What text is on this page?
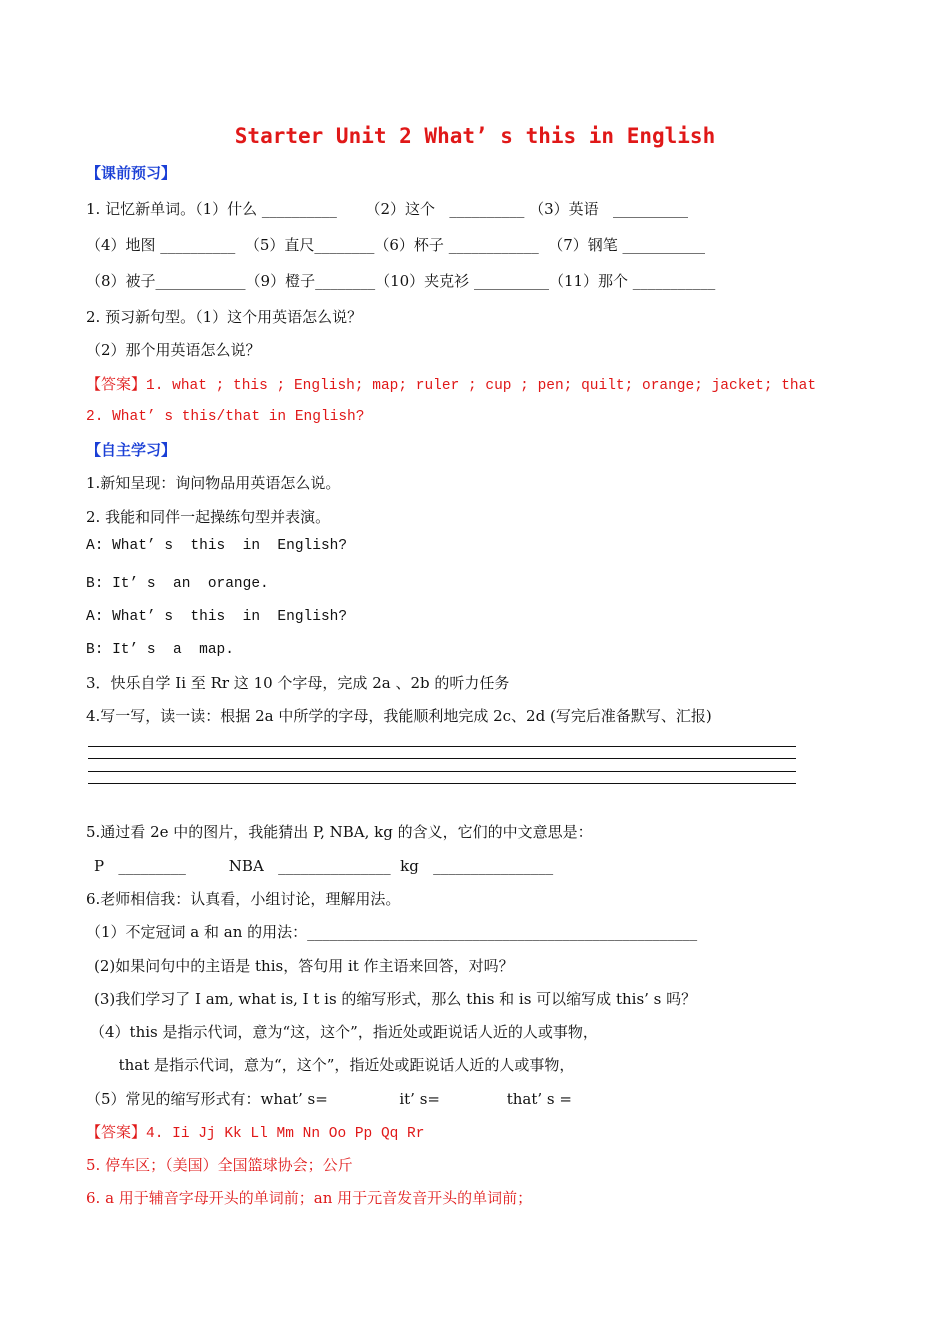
Starter Unit 2 What’ s this in English
【课前预习】
1. 记忆新单词。（1）什么 __________      （2）这个   __________ （3）英语   __________
（4）地图 __________  （5）直尺________（6）杯子 ____________  （7）钢笔 ___________
（8）被子____________（9）橙子________（10）夹克衫 __________（11）那个 ___________
2. 预习新句型。（1）这个用英语怎么说？
（2）那个用英语怎么说？
【答案】1. what ; this ; English; map; ruler ; cup ; pen; quilt; orange; jacket; that
2. What’ s this/that in English?
【自主学习】
1.新知呈现：询问物品用英语怎么说。
2. 我能和同伴一起操练句型并表演。
A: What’ s  this  in  English?
B: It’ s  an  orange.
A: What’ s  this  in  English?
B: It’ s  a  map.
3．快乐自学 Ii 至 Rr 这 10 个字母，完成 2a 、2b 的听力任务
4.写一写，读一读：根据 2a 中所学的字母，我能顺利地完成 2c、2d (写完后准备默写、汇报)
5.通过看 2e 中的图片，我能猜出 P, NBA, kg 的含义，它们的中文意思是：
P   _________         NBA   _______________  kg   ________________
6.老师相信我：认真看，小组讨论，理解用法。
（1）不定冠词 a 和 an 的用法：____________________________________________________
(2)如果问句中的主语是 this，答句用 it 作主语来回答，对吗？
(3)我们学习了 I am, what is, I t is 的缩写形式，那么 this 和 is 可以缩写成 this’ s 吗？
（4）this 是指示代词，意为“这，这个”，指近处或距说话人近的人或事物，
that 是指示代词，意为“，这个”，指近处或距说话人近的人或事物，
（5）常见的缩写形式有：what’ s=               it’ s=              that’ s =
【答案】4. Ii Jj Kk Ll Mm Nn Oo Pp Qq Rr
5. 停车区；（美国）全国篮球协会；公斤
6. a 用于辅音字母开头的单词前；an 用于元音发音开头的单词前；
